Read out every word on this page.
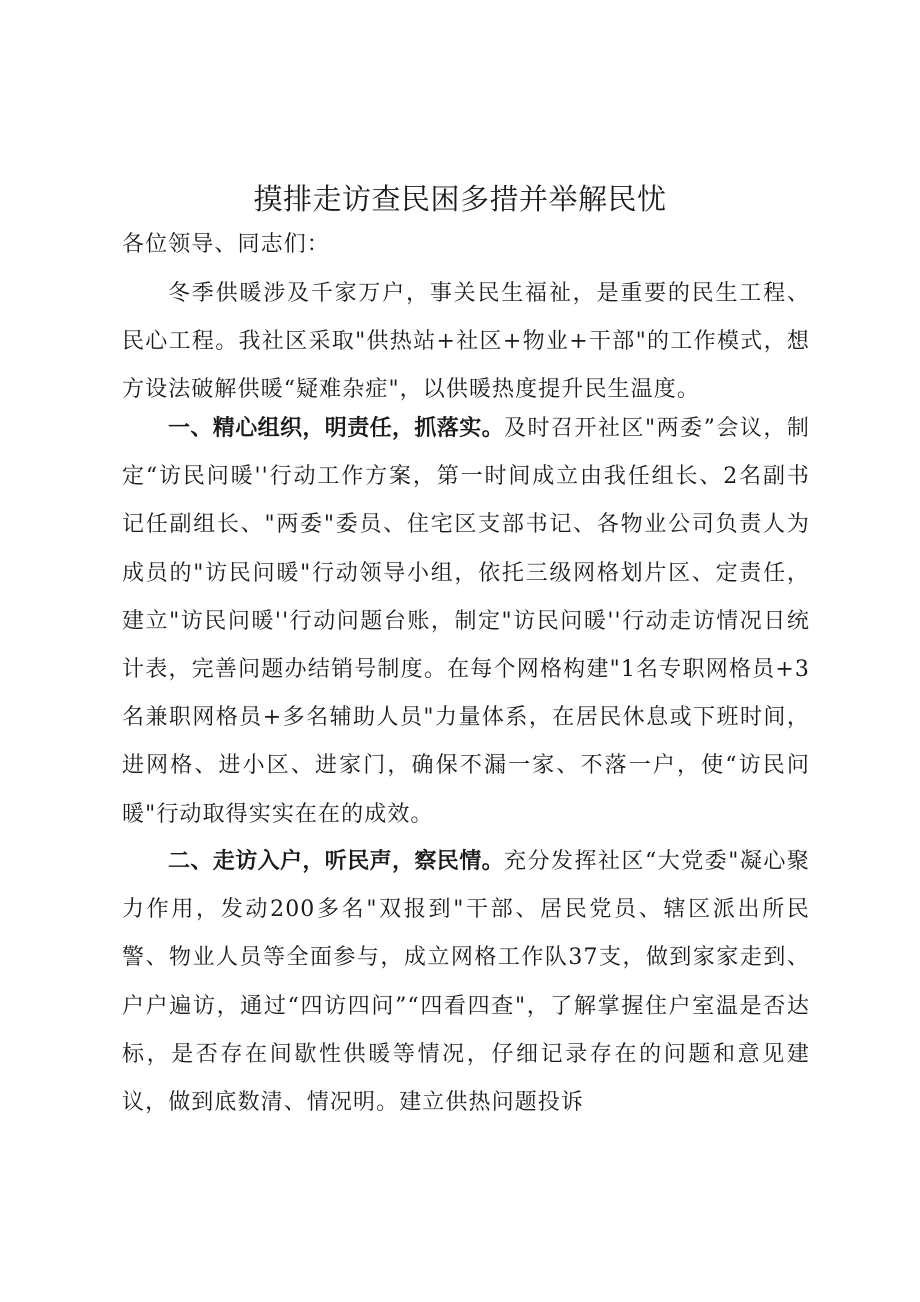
摸排走访查民困多措并举解民忧

各位领导、同志们：

冬季供暖涉及千家万户，事关民生福祉，是重要的民生工程、民心工程。我社区采取"供热站+社区+物业+干部"的工作模式，想方设法破解供暖“疑难杂症"，以供暖热度提升民生温度。

一、精心组织，明责任，抓落实。及时召开社区"两委”会议，制定“访民问暖''行动工作方案，第一时间成立由我任组长、2名副书记任副组长、"两委"委员、住宅区支部书记、各物业公司负责人为成员的"访民问暖"行动领导小组，依托三级网格划片区、定责任，建立"访民问暖''行动问题台账，制定"访民问暖''行动走访情况日统计表，完善问题办结销号制度。在每个网格构建"1名专职网格员+3名兼职网格员+多名辅助人员"力量体系，在居民休息或下班时间，进网格、进小区、进家门，确保不漏一家、不落一户，使“访民问暖"行动取得实实在在的成效。

二、走访入户，听民声，察民情。充分发挥社区“大党委"凝心聚力作用，发动200多名"双报到"干部、居民党员、辖区派出所民警、物业人员等全面参与，成立网格工作队37支，做到家家走到、户户遍访，通过“四访四问”“四看四查"，了解掌握住户室温是否达标，是否存在间歇性供暖等情况，仔细记录存在的问题和意见建议，做到底数清、情况明。建立供热问题投诉
